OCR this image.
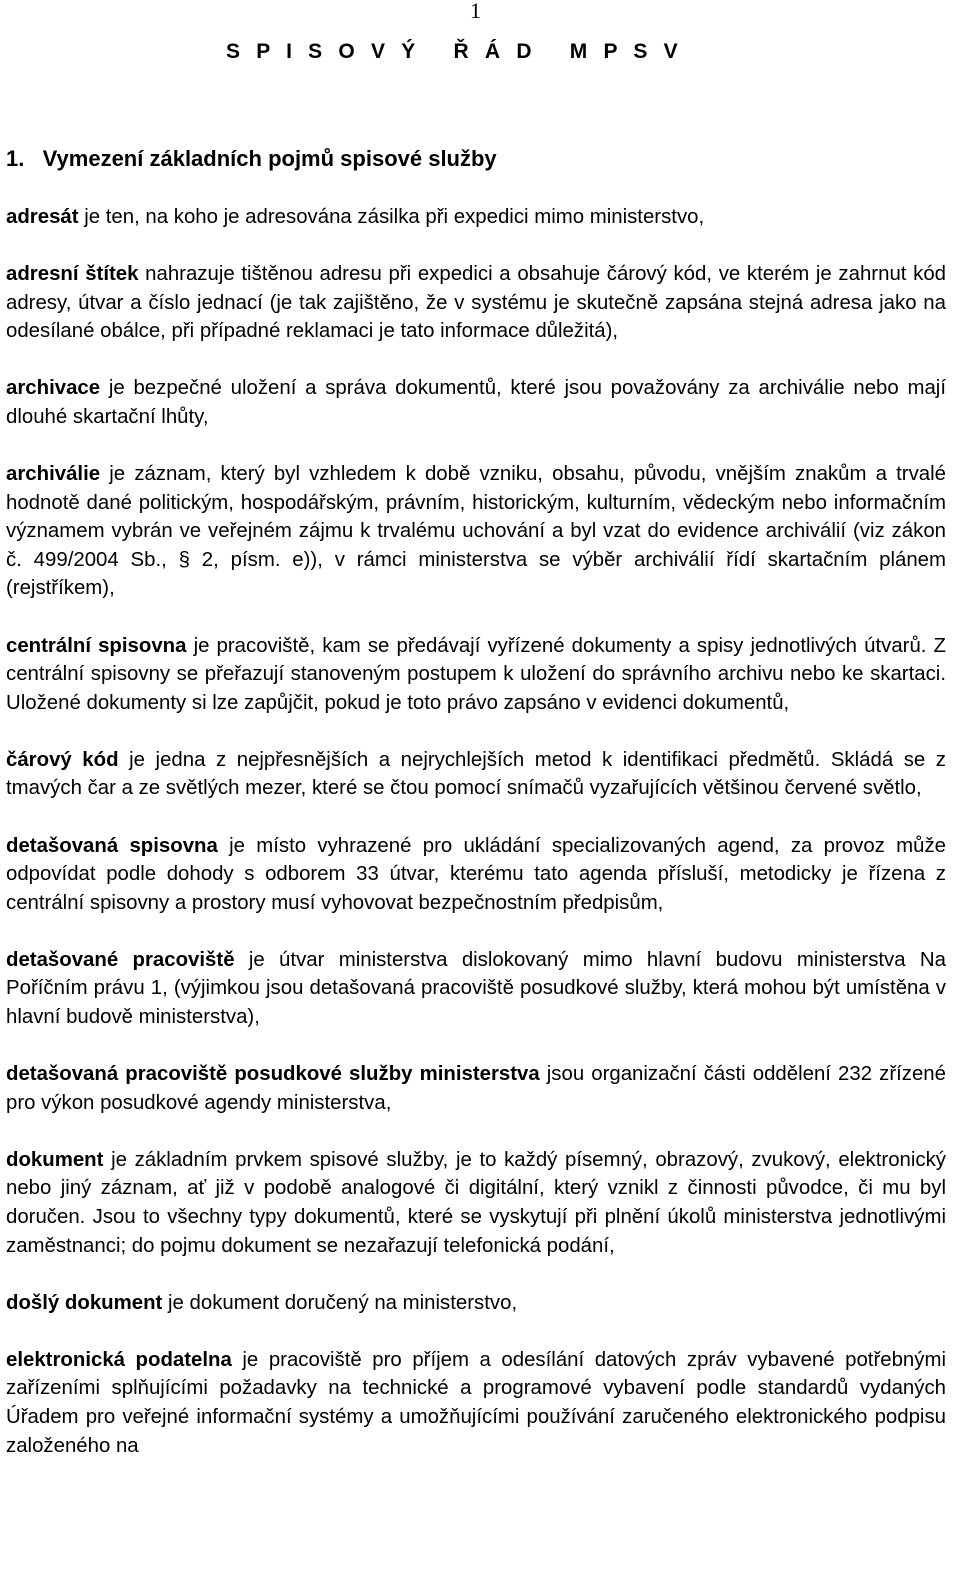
1
S P I S O V Ý   Ř Á D   M P S V
1.   Vymezení základních pojmů spisové služby

adresát je ten, na koho je adresována zásilka při expedici mimo ministerstvo,

adresní štítek nahrazuje tištěnou adresu při expedici a obsahuje čárový kód, ve kterém je zahrnut kód adresy, útvar a číslo jednací (je tak zajištěno, že v systému je skutečně zapsána stejná adresa jako na odesílané obálce, při případné reklamaci je tato informace důležitá),

archivace je bezpečné uložení a správa dokumentů, které jsou považovány za archiválie nebo mají dlouhé skartační lhůty,

archiválie je záznam, který byl vzhledem k době vzniku, obsahu, původu, vnějším znakům a trvalé hodnotě dané politickým, hospodářským, právním, historickým, kulturním, vědeckým nebo informačním významem vybrán ve veřejném zájmu k trvalému uchování a byl vzat do evidence archiválií (viz zákon č. 499/2004 Sb., § 2, písm. e)), v rámci ministerstva se výběr archiválií řídí skartačním plánem (rejstříkem),

centrální spisovna je pracoviště, kam se předávají vyřízené dokumenty a spisy jednotlivých útvarů. Z centrální spisovny se přeřazují stanoveným postupem k uložení do správního archivu nebo ke skartaci. Uložené dokumenty si lze zapůjčit, pokud je toto právo zapsáno v evidenci dokumentů,

čárový kód je jedna z nejpřesnějších a nejrychlejších metod k identifikaci předmětů. Skládá se z tmavých čar a ze světlých mezer, které se čtou pomocí snímačů vyzařujících většinou červené světlo,

detašovaná spisovna je místo vyhrazené pro ukládání specializovaných agend, za provoz může odpovídat podle dohody s odborem 33 útvar, kterému tato agenda přísluší, metodicky je řízena z centrální spisovny a prostory musí vyhovovat bezpečnostním předpisům,

detašované pracoviště je útvar ministerstva dislokovaný mimo hlavní budovu ministerstva Na Poříčním právu 1, (výjimkou jsou detašovaná pracoviště posudkové služby, která mohou být umístěna v hlavní budově ministerstva),

detašovaná pracoviště posudkové služby ministerstva jsou organizační části oddělení 232 zřízené pro výkon posudkové agendy ministerstva,

dokument je základním prvkem spisové služby, je to každý písemný, obrazový, zvukový, elektronický nebo jiný záznam, ať již v podobě analogové či digitální, který vznikl z činnosti původce, či mu byl doručen. Jsou to všechny typy dokumentů, které se vyskytují při plnění úkolů ministerstva jednotlivými zaměstnanci; do pojmu dokument se nezařazují telefonická podání,

došlý dokument je dokument doručený na ministerstvo,

elektronická podatelna je pracoviště pro příjem a odesílání datových zpráv vybavené potřebnými zařízeními splňujícími požadavky na technické a programové vybavení podle standardů vydaných Úřadem pro veřejné informační systémy a umožňujícími používání zaručeného elektronického podpisu založeného na
